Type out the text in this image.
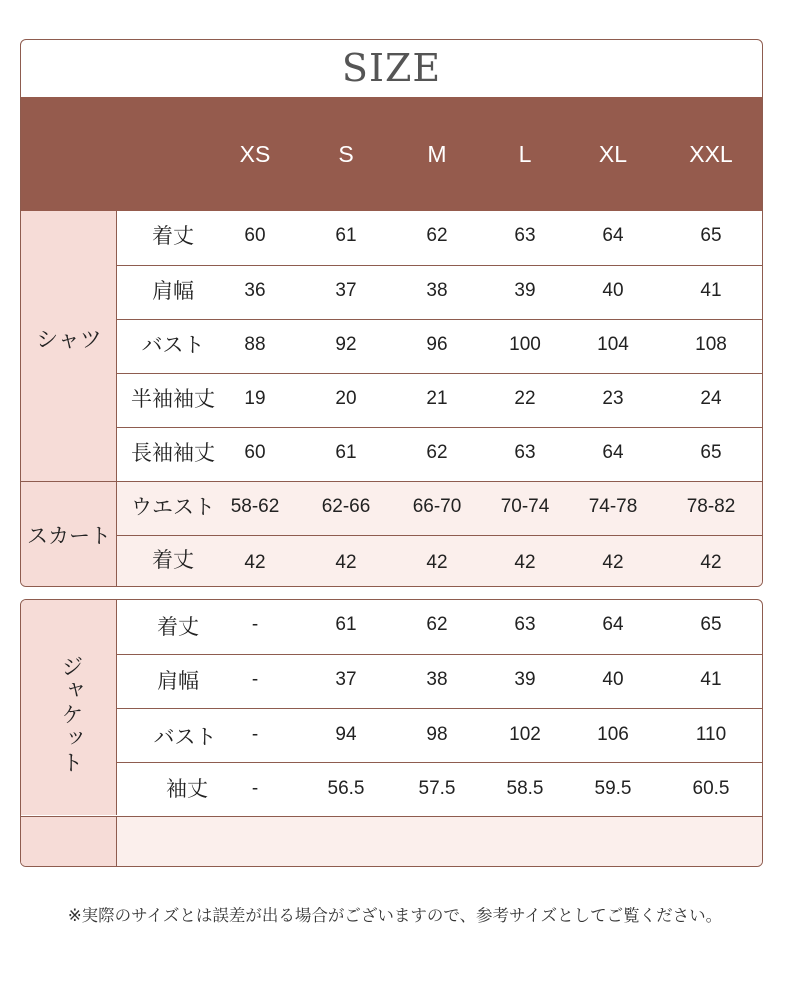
SIZE
XS	S	M	L	XL	XXL
シャツ
着丈	60	61	62	63	64	65
肩幅	36	37	38	39	40	41
バスト	88	92	96	100	104	108
半袖袖丈	19	20	21	22	23	24
長袖袖丈	60	61	62	63	64	65
スカート
ウエスト 58-62	62-66	66-70	70-74	74-78	78-82
着丈	42	42	42	42	42	42
ジャケット
着丈	-	61	62	63	64	65
肩幅	-	37	38	39	40	41
バスト	-	94	98	102	106	110
袖丈	-	56.5	57.5	58.5	59.5	60.5
※実際のサイズとは誤差が出る場合がございますので、参考サイズとしてご覧ください。
